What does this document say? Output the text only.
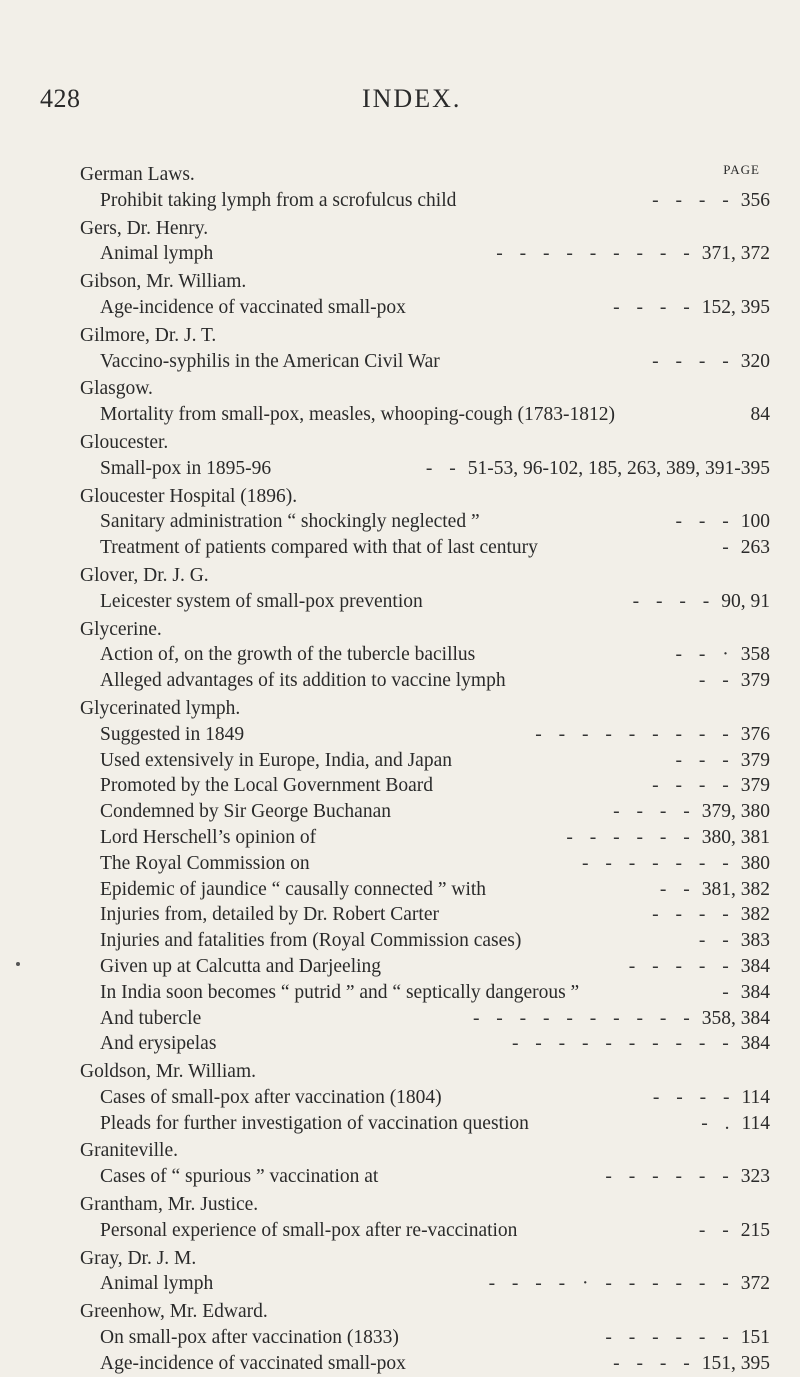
428	INDEX.
PAGE
German Laws.
Prohibit taking lymph from a scrofulcus child	- - - - 356
Gers, Dr. Henry.
Animal lymph	- - - - - - - - - 371, 372
Gibson, Mr. William.
Age-incidence of vaccinated small-pox	- - - - 152, 395
Gilmore, Dr. J. T.
Vaccino-syphilis in the American Civil War	- - - - 320
Glasgow.
Mortality from small-pox, measles, whooping-cough (1783-1812)	84
Gloucester.
Small-pox in 1895-96	- - 51-53, 96-102, 185, 263, 389, 391-395
Gloucester Hospital (1896).
Sanitary administration “ shockingly neglected ”	- - - 100
Treatment of patients compared with that of last century	- 263
Glover, Dr. J. G.
Leicester system of small-pox prevention	- - - - 90, 91
Glycerine.
Action of, on the growth of the tubercle bacillus	- - · 358
Alleged advantages of its addition to vaccine lymph	- - 379
Glycerinated lymph.
Suggested in 1849	- - - - - - - - - 376
Used extensively in Europe, India, and Japan	- - - 379
Promoted by the Local Government Board	- - - - 379
Condemned by Sir George Buchanan	- - - - 379, 380
Lord Herschell’s opinion of	- - - - - - 380, 381
The Royal Commission on	- - - - - - - 380
Epidemic of jaundice “ causally connected ” with	- - 381, 382
Injuries from, detailed by Dr. Robert Carter	- - - - 382
Injuries and fatalities from (Royal Commission cases)	- - 383
Given up at Calcutta and Darjeeling	- - - - - 384
In India soon becomes “ putrid ” and “ septically dangerous ”	- 384
And tubercle	- - - - - - - - - - 358, 384
And erysipelas	- - - - - - - - - - 384
Goldson, Mr. William.
Cases of small-pox after vaccination (1804)	- - - - 114
Pleads for further investigation of vaccination question	- . 114
Graniteville.
Cases of “ spurious ” vaccination at	- - - - - - 323
Grantham, Mr. Justice.
Personal experience of small-pox after re-vaccination	- - 215
Gray, Dr. J. M.
Animal lymph	- - - - · - - - - - - 372
Greenhow, Mr. Edward.
On small-pox after vaccination (1833)	- - - - - - 151
Age-incidence of vaccinated small-pox	- - - - 151, 395
